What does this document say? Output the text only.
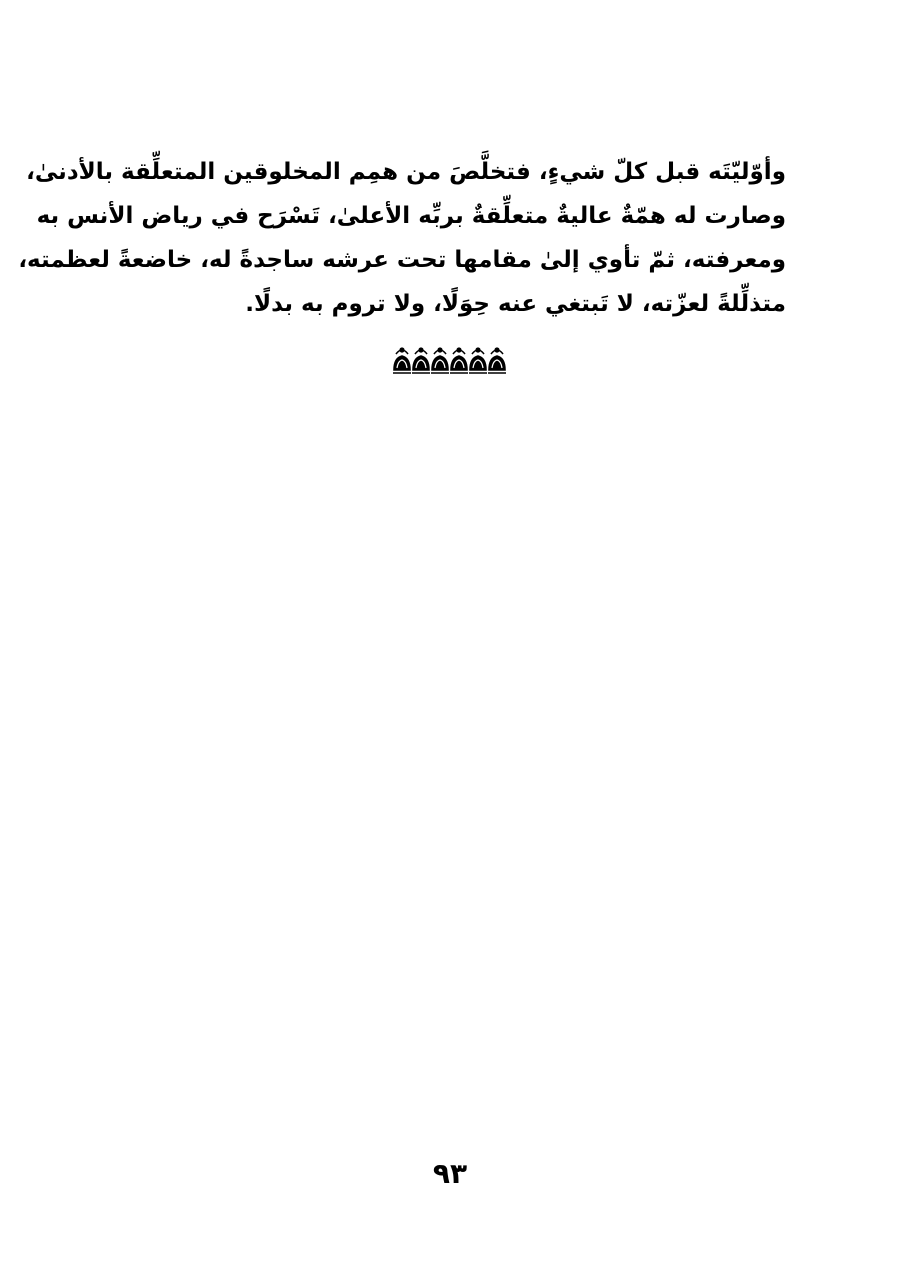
وأوّليّتَه قبل كلّ شيءٍ، فتخلَّصَ من همِم المخلوقين المتعلِّقة بالأدنىٰ،
وصارت له همّةٌ عاليةٌ متعلِّقةٌ بربِّه الأعلىٰ، تَسْرَح في رياض الأنس به
ومعرفته، ثمّ تأوي إلىٰ مقامها تحت عرشه ساجدةً له، خاضعةً لعظمته،
متذلِّلةً لعزّته، لا تَبتغي عنه حِوَلًا، ولا تروم به بدلًا.
٩٣
